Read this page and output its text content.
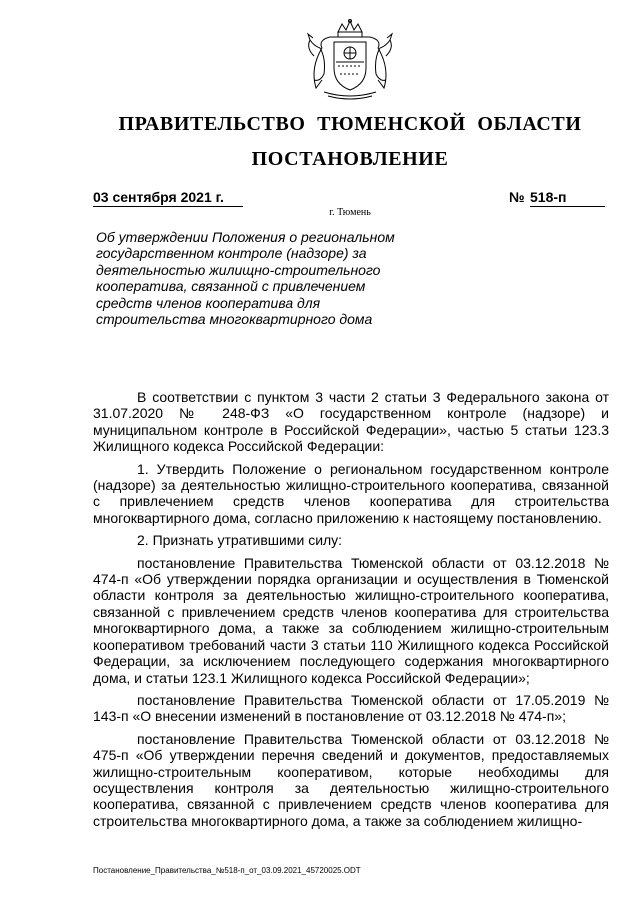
ПРАВИТЕЛЬСТВО ТЮМЕНСКОЙ ОБЛАСТИ
ПОСТАНОВЛЕНИЕ
03 сентября 2021 г.	№ 518-п
г. Тюмень
Об утверждении Положения о региональном государственном контроле (надзоре) за деятельностью жилищно-строительного кооператива, связанной с привлечением средств членов кооператива для строительства многоквартирного дома

В соответствии с пунктом 3 части 2 статьи 3 Федерального закона от 31.07.2020 № 248-ФЗ «О государственном контроле (надзоре) и муниципальном контроле в Российской Федерации», частью 5 статьи 123.3 Жилищного кодекса Российской Федерации:

1. Утвердить Положение о региональном государственном контроле (надзоре) за деятельностью жилищно-строительного кооператива, связанной с привлечением средств членов кооператива для строительства многоквартирного дома, согласно приложению к настоящему постановлению.

2. Признать утратившими силу:

постановление Правительства Тюменской области от 03.12.2018 № 474-п «Об утверждении порядка организации и осуществления в Тюменской области контроля за деятельностью жилищно-строительного кооператива, связанной с привлечением средств членов кооператива для строительства многоквартирного дома, а также за соблюдением жилищно-строительным кооперативом требований части 3 статьи 110 Жилищного кодекса Российской Федерации, за исключением последующего содержания многоквартирного дома, и статьи 123.1 Жилищного кодекса Российской Федерации»;

постановление Правительства Тюменской области от 17.05.2019 № 143-п «О внесении изменений в постановление от 03.12.2018 № 474-п»;

постановление Правительства Тюменской области от 03.12.2018 № 475-п «Об утверждении перечня сведений и документов, предоставляемых жилищно-строительным кооперативом, которые необходимы для осуществления контроля за деятельностью жилищно-строительного кооператива, связанной с привлечением средств членов кооператива для строительства многоквартирного дома, а также за соблюдением жилищно-

Постановление_Правительства_№518-п_от_03.09.2021_45720025.ODT
